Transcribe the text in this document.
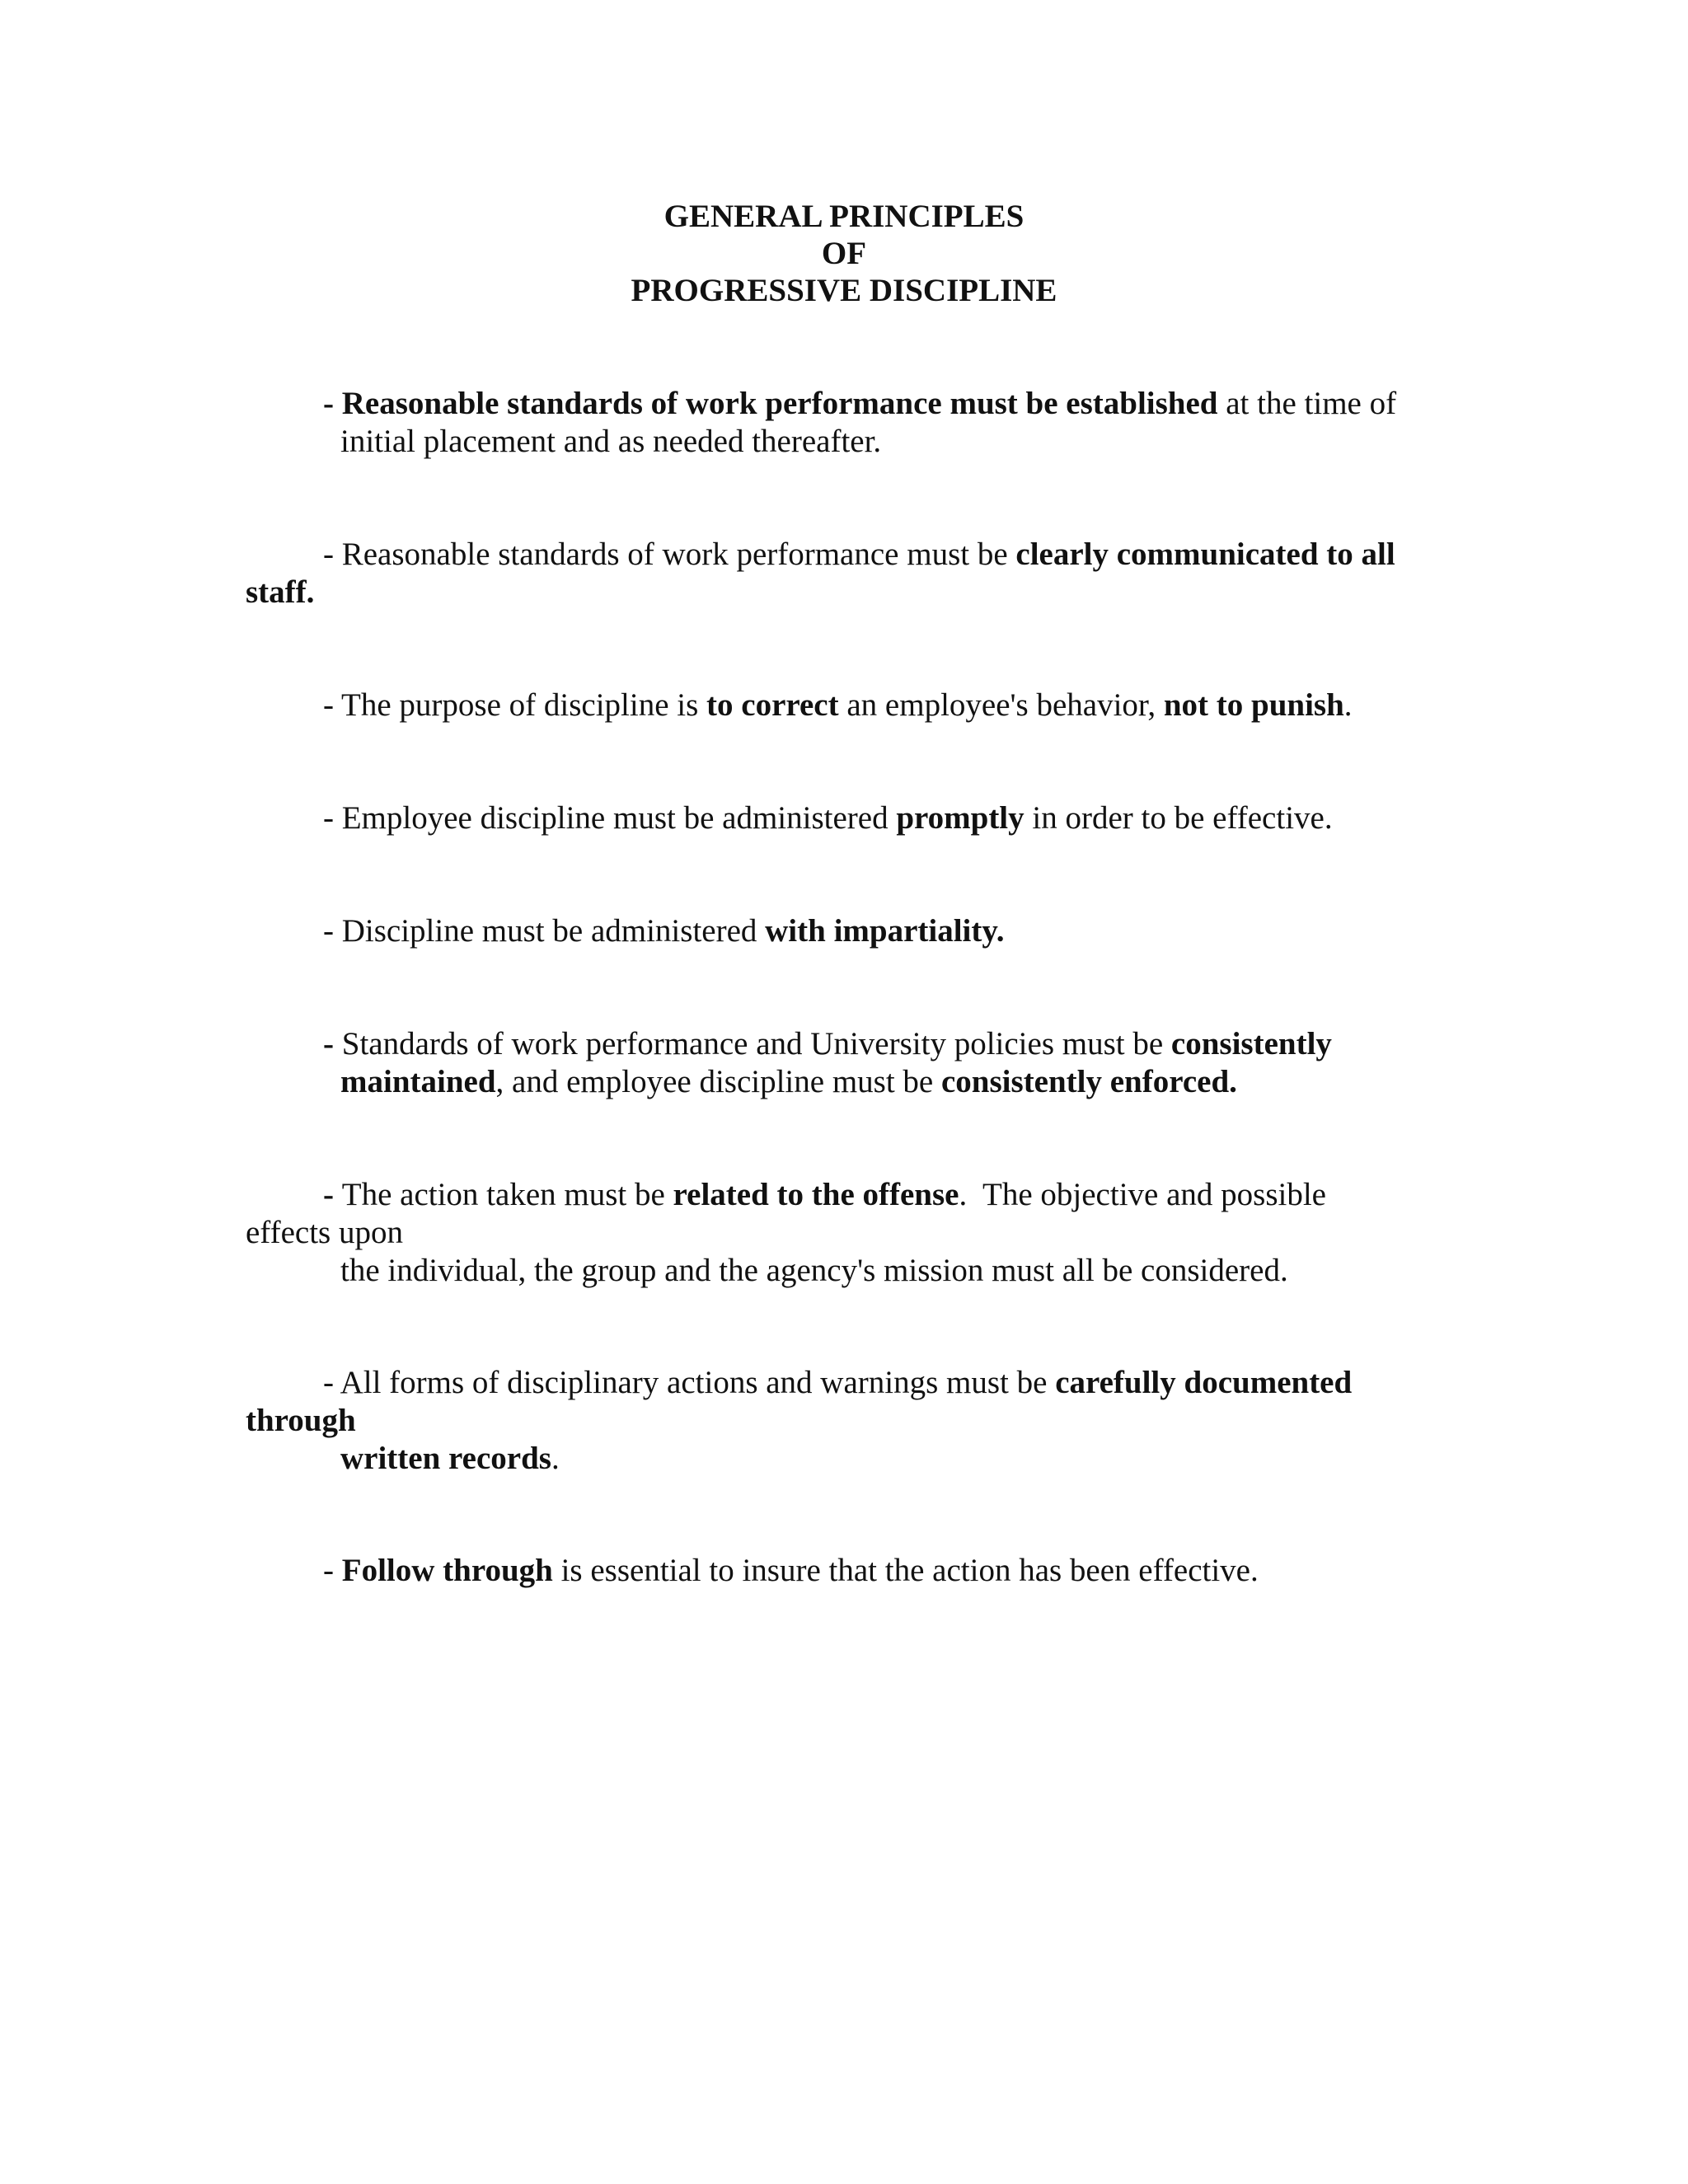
GENERAL PRINCIPLES
OF
PROGRESSIVE DISCIPLINE
- Reasonable standards of work performance must be established at the time of
initial placement and as needed thereafter.
- Reasonable standards of work performance must be clearly communicated to all
staff.
- The purpose of discipline is to correct an employee's behavior, not to punish.
- Employee discipline must be administered promptly in order to be effective.
- Discipline must be administered with impartiality.
- Standards of work performance and University policies must be consistently
maintained, and employee discipline must be consistently enforced.
- The action taken must be related to the offense.  The objective and possible
effects upon
the individual, the group and the agency's mission must all be considered.
- All forms of disciplinary actions and warnings must be carefully documented
through
written records.
- Follow through is essential to insure that the action has been effective.
